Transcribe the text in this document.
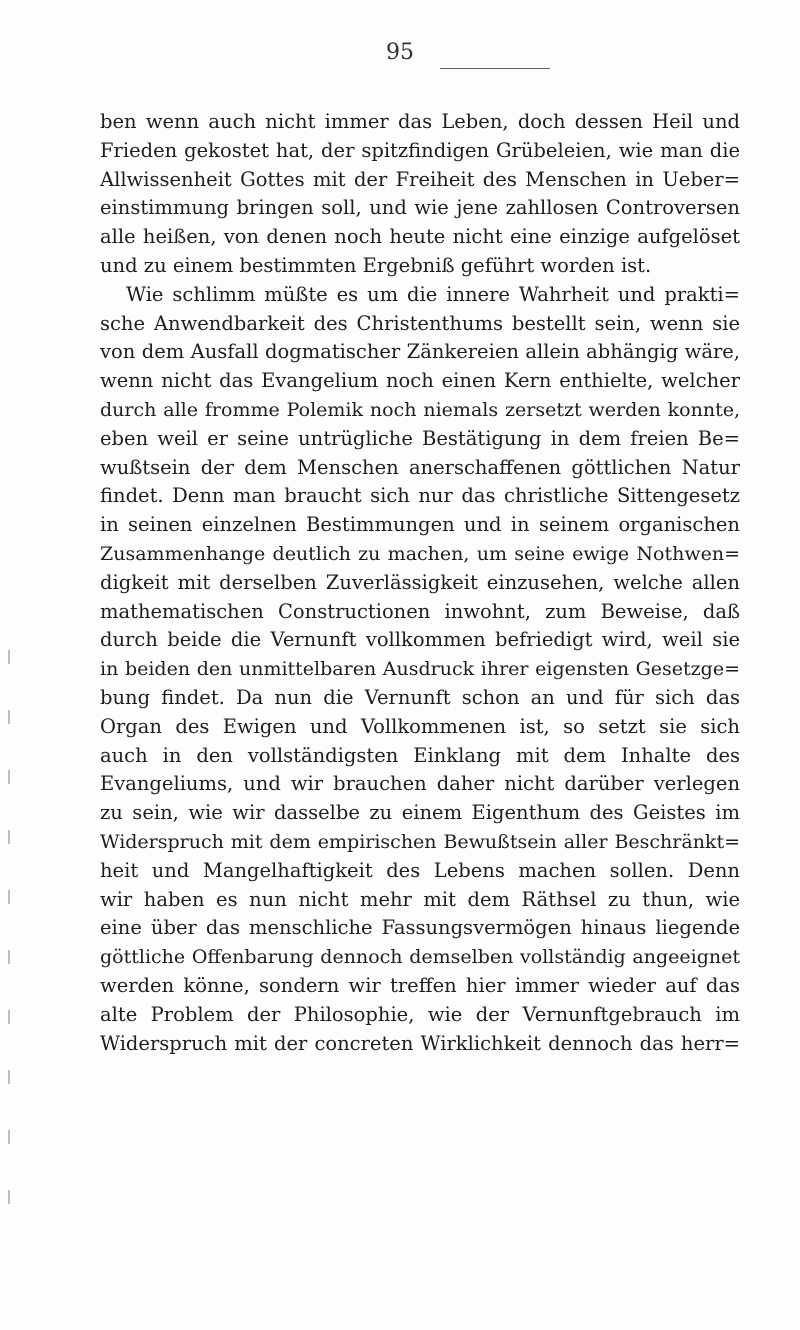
95
ben wenn auch nicht immer das Leben, doch dessen Heil und
Frieden gekostet hat, der spitzfindigen Grübeleien, wie man die
Allwissenheit Gottes mit der Freiheit des Menschen in Ueber=
einstimmung bringen soll, und wie jene zahllosen Controversen
alle heißen, von denen noch heute nicht eine einzige aufgelöset
und zu einem bestimmten Ergebniß geführt worden ist.
Wie schlimm müßte es um die innere Wahrheit und prakti=
sche Anwendbarkeit des Christenthums bestellt sein, wenn sie
von dem Ausfall dogmatischer Zänkereien allein abhängig wäre,
wenn nicht das Evangelium noch einen Kern enthielte, welcher
durch alle fromme Polemik noch niemals zersetzt werden konnte,
eben weil er seine untrügliche Bestätigung in dem freien Be=
wußtsein der dem Menschen anerschaffenen göttlichen Natur
findet. Denn man braucht sich nur das christliche Sittengesetz
in seinen einzelnen Bestimmungen und in seinem organischen
Zusammenhange deutlich zu machen, um seine ewige Nothwen=
digkeit mit derselben Zuverlässigkeit einzusehen, welche allen
mathematischen Constructionen inwohnt, zum Beweise, daß
durch beide die Vernunft vollkommen befriedigt wird, weil sie
in beiden den unmittelbaren Ausdruck ihrer eigensten Gesetzge=
bung findet. Da nun die Vernunft schon an und für sich das
Organ des Ewigen und Vollkommenen ist, so setzt sie sich
auch in den vollständigsten Einklang mit dem Inhalte des
Evangeliums, und wir brauchen daher nicht darüber verlegen
zu sein, wie wir dasselbe zu einem Eigenthum des Geistes im
Widerspruch mit dem empirischen Bewußtsein aller Beschränkt=
heit und Mangelhaftigkeit des Lebens machen sollen. Denn
wir haben es nun nicht mehr mit dem Räthsel zu thun, wie
eine über das menschliche Fassungsvermögen hinaus liegende
göttliche Offenbarung dennoch demselben vollständig angeeignet
werden könne, sondern wir treffen hier immer wieder auf das
alte Problem der Philosophie, wie der Vernunftgebrauch im
Widerspruch mit der concreten Wirklichkeit dennoch das herr=
